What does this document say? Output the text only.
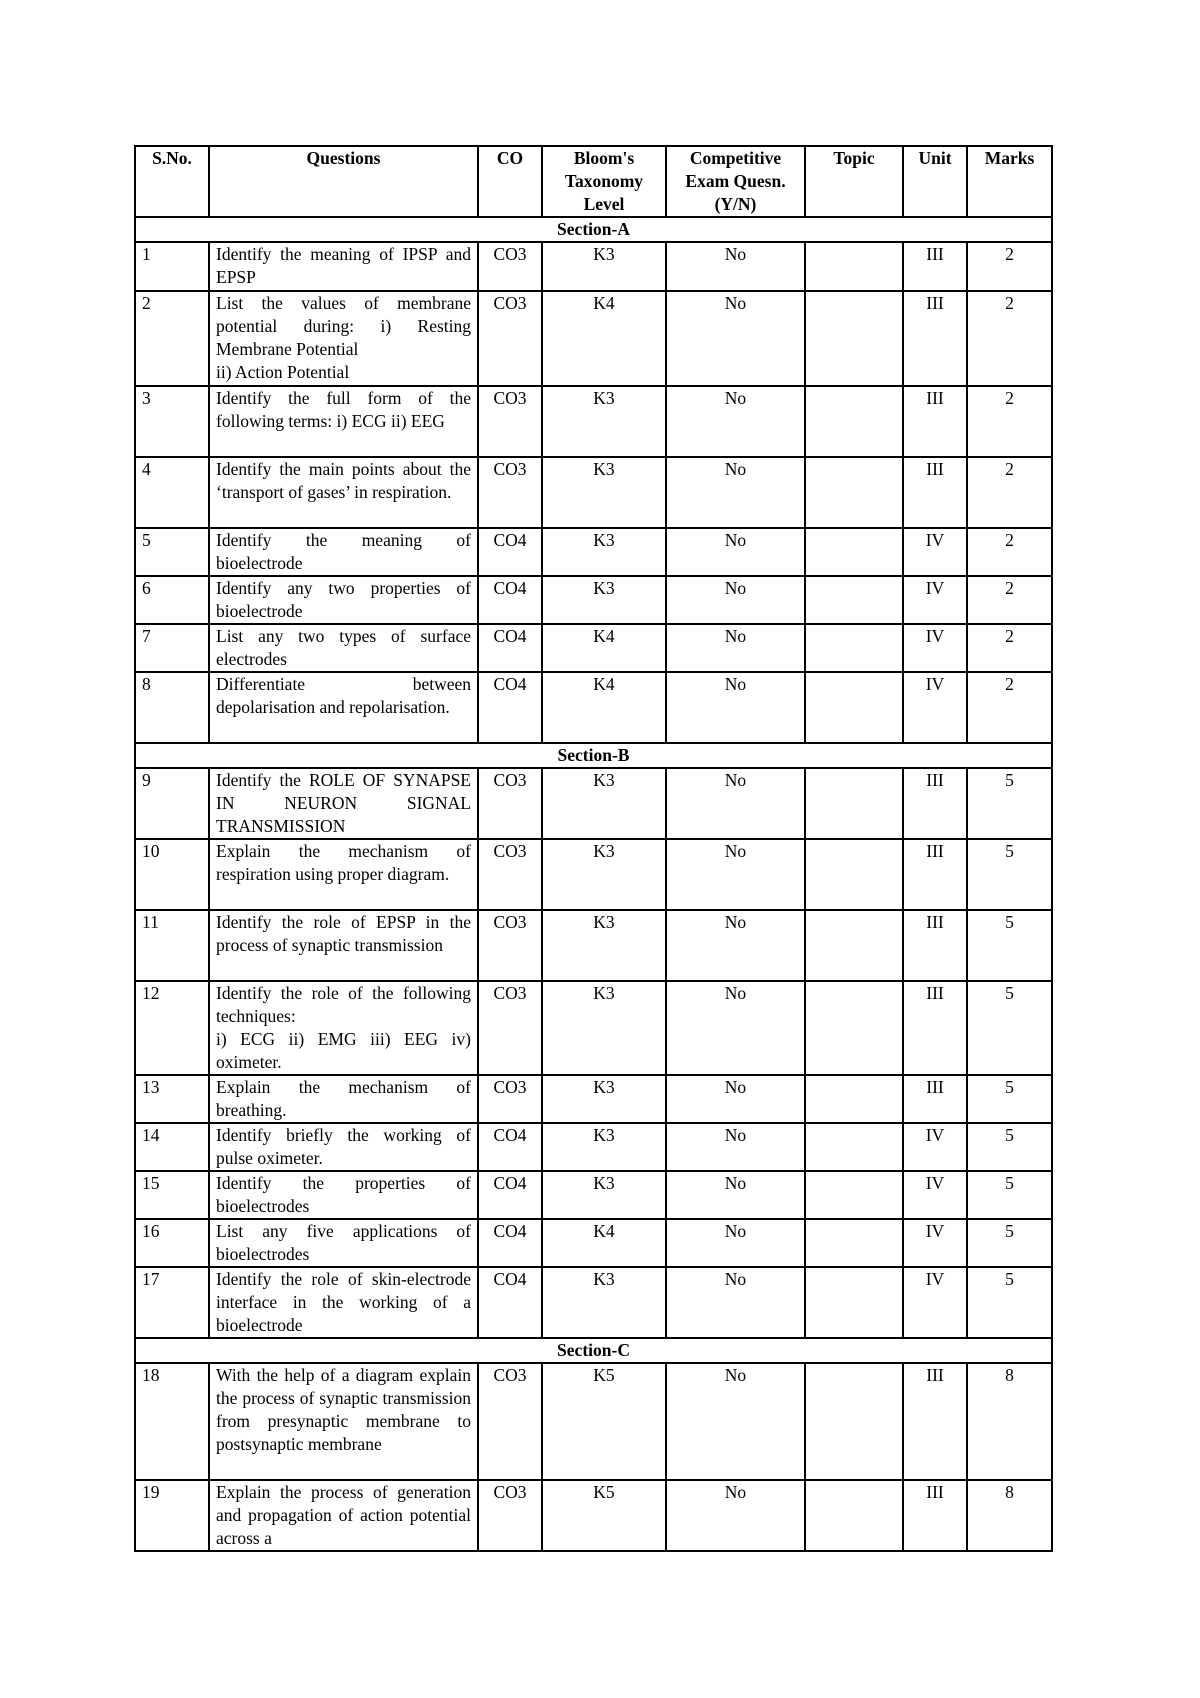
S.No.	Questions	CO	Bloom's Taxonomy Level	Competitive Exam Quesn. (Y/N)	Topic	Unit	Marks
Section-A							
1	Identify the meaning of IPSP and EPSP	CO3	K3	No		III	2
2	List the values of membrane potential during: i) Resting Membrane Potential
ii) Action Potential	CO3	K4	No		III	2
3	Identify the full form of the following terms: i) ECG ii) EEG	CO3	K3	No		III	2
4	Identify the main points about the ‘transport of gases’ in respiration.	CO3	K3	No		III	2
5	Identify the meaning of bioelectrode	CO4	K3	No		IV	2
6	Identify any two properties of bioelectrode	CO4	K3	No		IV	2
7	List any two types of surface electrodes	CO4	K4	No		IV	2
8	Differentiate between depolarisation and repolarisation.	CO4	K4	No		IV	2
Section-B							
9	Identify the ROLE OF SYNAPSE IN NEURON SIGNAL TRANSMISSION	CO3	K3	No		III	5
10	Explain the mechanism of respiration using proper diagram.	CO3	K3	No		III	5
11	Identify the role of EPSP in the process of synaptic transmission	CO3	K3	No		III	5
12	Identify the role of the following techniques:
i) ECG ii) EMG iii) EEG iv) oximeter.	CO3	K3	No		III	5
13	Explain the mechanism of breathing.	CO3	K3	No		III	5
14	Identify briefly the working of pulse oximeter.	CO4	K3	No		IV	5
15	Identify the properties of bioelectrodes	CO4	K3	No		IV	5
16	List any five applications of bioelectrodes	CO4	K4	No		IV	5
17	Identify the role of skin-electrode interface in the working of a bioelectrode	CO4	K3	No		IV	5
Section-C							
18	With the help of a diagram explain the process of synaptic transmission from presynaptic membrane to postsynaptic membrane	CO3	K5	No		III	8
19	Explain the process of generation and propagation of action potential across a	CO3	K5	No		III	8
